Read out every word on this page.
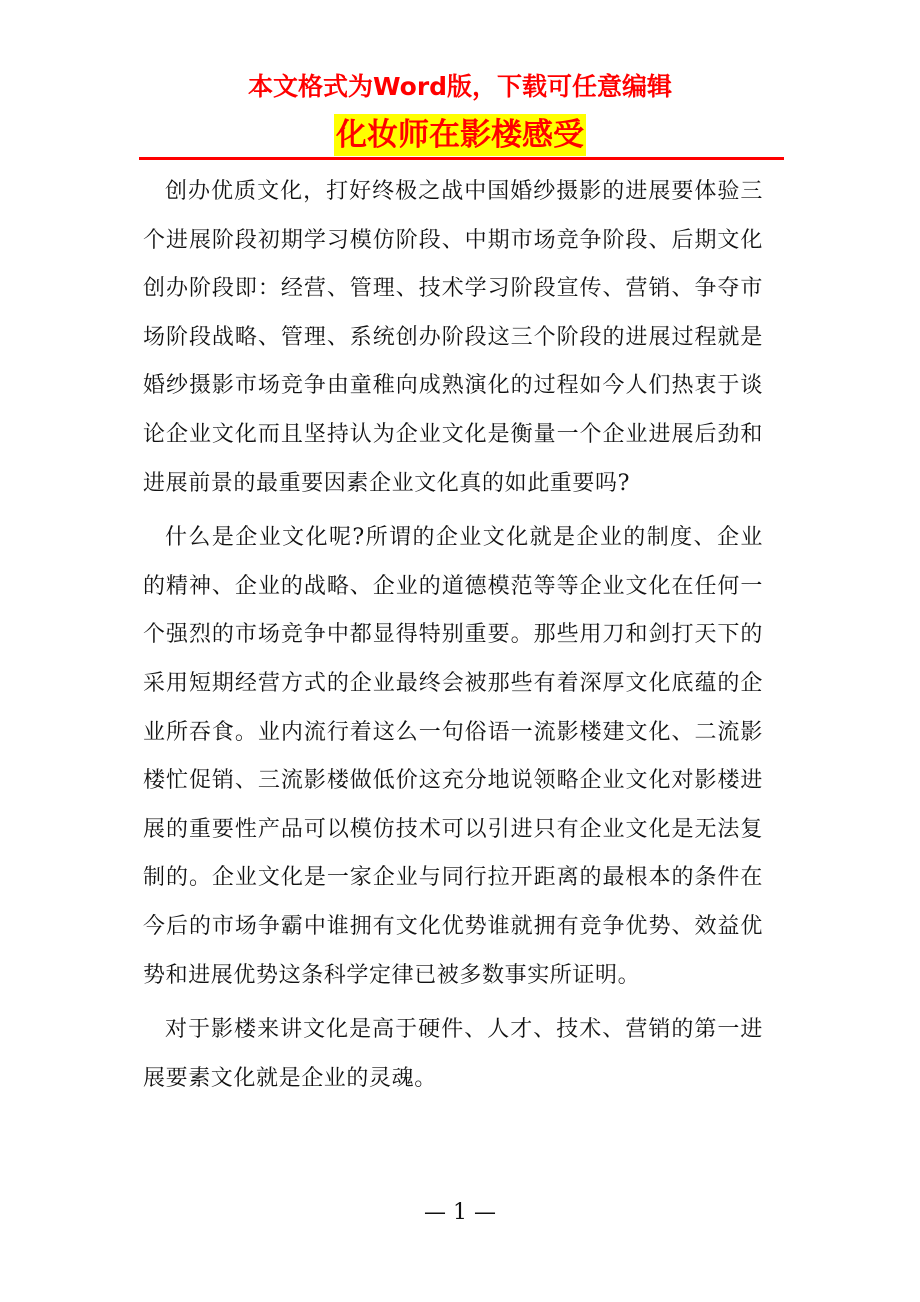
本文格式为Word版，下载可任意编辑
化妆师在影楼感受

创办优质文化，打好终极之战中国婚纱摄影的进展要体验三个进展阶段初期学习模仿阶段、中期市场竞争阶段、后期文化创办阶段即：经营、管理、技术学习阶段宣传、营销、争夺市场阶段战略、管理、系统创办阶段这三个阶段的进展过程就是婚纱摄影市场竞争由童稚向成熟演化的过程如今人们热衷于谈论企业文化而且坚持认为企业文化是衡量一个企业进展后劲和进展前景的最重要因素企业文化真的如此重要吗?

什么是企业文化呢?所谓的企业文化就是企业的制度、企业的精神、企业的战略、企业的道德模范等等企业文化在任何一个强烈的市场竞争中都显得特别重要。那些用刀和剑打天下的采用短期经营方式的企业最终会被那些有着深厚文化底蕴的企业所吞食。业内流行着这么一句俗语一流影楼建文化、二流影楼忙促销、三流影楼做低价这充分地说领略企业文化对影楼进展的重要性产品可以模仿技术可以引进只有企业文化是无法复制的。企业文化是一家企业与同行拉开距离的最根本的条件在今后的市场争霸中谁拥有文化优势谁就拥有竞争优势、效益优势和进展优势这条科学定律已被多数事实所证明。

对于影楼来讲文化是高于硬件、人才、技术、营销的第一进展要素文化就是企业的灵魂。

— 1 —
